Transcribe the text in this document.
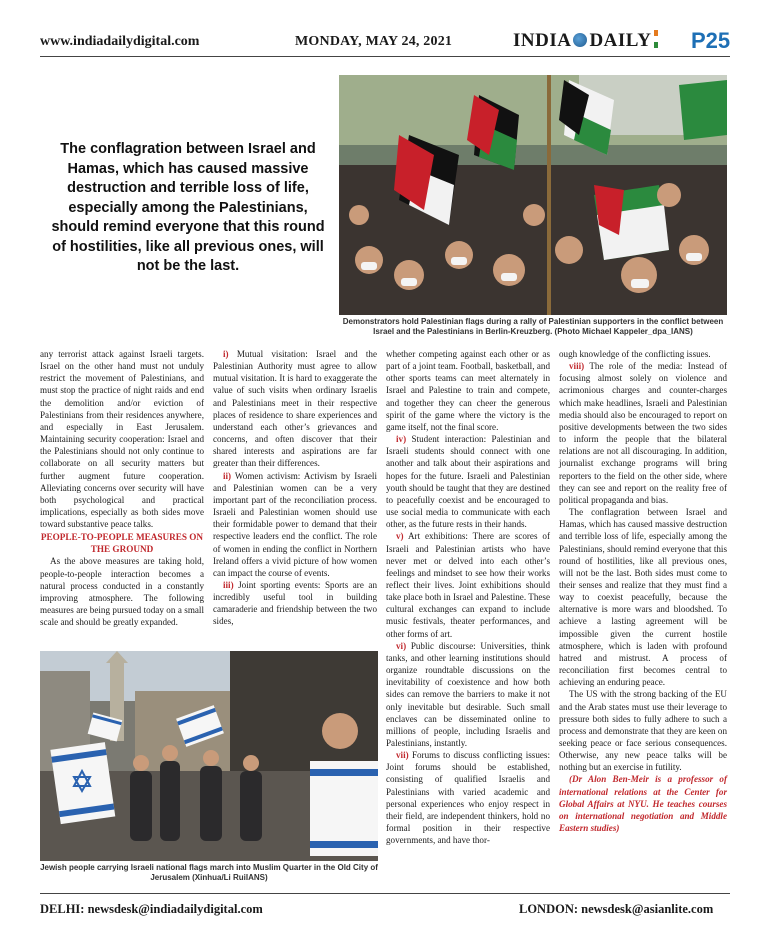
www.indiadailydigital.com	MONDAY, MAY 24, 2021	INDIA DAILY	P25
The conflagration between Israel and Hamas, which has caused massive destruction and terrible loss of life, especially among the Palestinians, should remind everyone that this round of hostilities, like all previous ones, will not be the last.
Demonstrators hold Palestinian flags during a rally of Palestinian supporters in the conflict between Israel and the Palestinians in Berlin-Kreuzberg. (Photo Michael Kappeler_dpa_IANS)

any terrorist attack against Israeli targets. Israel on the other hand must not unduly restrict the movement of Palestinians, and must stop the practice of night raids and end the demolition and/or eviction of Palestinians from their residences anywhere, and especially in East Jerusalem. Maintaining security cooperation: Israel and the Palestinians should not only continue to collaborate on all security matters but further augment future cooperation. Alleviating concerns over security will have both psychological and practical implications, especially as both sides move toward substantive peace talks.

PEOPLE-TO-PEOPLE MEASURES ON THE GROUND

As the above measures are taking hold, people-to-people interaction becomes a natural process conducted in a constantly improving atmosphere. The following measures are being pursued today on a small scale and should be greatly expanded.

i) Mutual visitation: Israel and the Palestinian Authority must agree to allow mutual visitation. It is hard to exaggerate the value of such visits when ordinary Israelis and Palestinians meet in their respective places of residence to share experiences and understand each other’s grievances and concerns, and often discover that their shared interests and aspirations are far greater than their differences.

ii) Women activism: Activism by Israeli and Palestinian women can be a very important part of the reconciliation process. Israeli and Palestinian women should use their formidable power to demand that their respective leaders end the conflict. The role of women in ending the conflict in Northern Ireland offers a vivid picture of how women can impact the course of events.

iii) Joint sporting events: Sports are an incredibly useful tool in building camaraderie and friendship between the two sides,

whether competing against each other or as part of a joint team. Football, basketball, and other sports teams can meet alternately in Israel and Palestine to train and compete, and together they can cheer the generous spirit of the game where the victory is the game itself, not the final score.

iv) Student interaction: Palestinian and Israeli students should connect with one another and talk about their aspirations and hopes for the future. Israeli and Palestinian youth should be taught that they are destined to peacefully coexist and be encouraged to use social media to communicate with each other, as the future rests in their hands.

v) Art exhibitions: There are scores of Israeli and Palestinian artists who have never met or delved into each other’s feelings and mindset to see how their works reflect their lives. Joint exhibitions should take place both in Israel and Palestine. These cultural exchanges can expand to include music festivals, theater performances, and other forms of art.

vi) Public discourse: Universities, think tanks, and other learning institutions should organize roundtable discussions on the inevitability of coexistence and how both sides can remove the barriers to make it not only inevitable but desirable. Such small enclaves can be disseminated online to millions of people, including Israelis and Palestinians, instantly.

vii) Forums to discuss conflicting issues: Joint forums should be established, consisting of qualified Israelis and Palestinians with varied academic and personal experiences who enjoy respect in their field, are independent thinkers, hold no formal position in their respective governments, and have thor-

ough knowledge of the conflicting issues.

viii) The role of the media: Instead of focusing almost solely on violence and acrimonious charges and counter-charges which make headlines, Israeli and Palestinian media should also be encouraged to report on positive developments between the two sides to inform the people that the bilateral relations are not all discouraging. In addition, journalist exchange programs will bring reporters to the field on the other side, where they can see and report on the reality free of political propaganda and bias.

The conflagration between Israel and Hamas, which has caused massive destruction and terrible loss of life, especially among the Palestinians, should remind everyone that this round of hostilities, like all previous ones, will not be the last. Both sides must come to their senses and realize that they must find a way to coexist peacefully, because the alternative is more wars and bloodshed. To achieve a lasting agreement will be impossible given the current hostile atmosphere, which is laden with profound hatred and mistrust. A process of reconciliation first becomes central to achieving an enduring peace.

The US with the strong backing of the EU and the Arab states must use their leverage to pressure both sides to fully adhere to such a process and demonstrate that they are keen on seeking peace or face serious consequences. Otherwise, any new peace talks will be nothing but an exercise in futility.

(Dr Alon Ben-Meir is a professor of international relations at the Center for Global Affairs at NYU. He teaches courses on international negotiation and Middle Eastern studies)

Jewish people carrying Israeli national flags march into Muslim Quarter in the Old City of Jerusalem (Xinhua/Li RuiIANS)
DELHI: newsdesk@indiadailydigital.com	LONDON: newsdesk@asianlite.com
